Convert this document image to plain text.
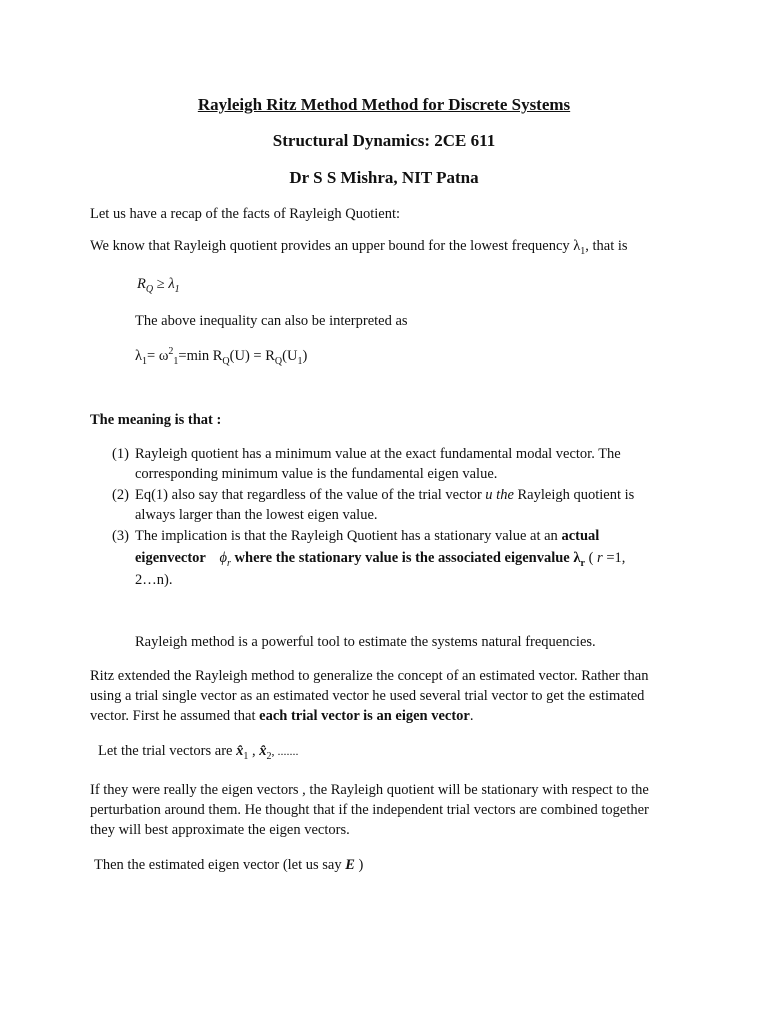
Rayleigh Ritz Method Method for Discrete Systems
Structural Dynamics: 2CE 611
Dr S S Mishra, NIT Patna
Let us have a recap of the facts of Rayleigh Quotient:
We know that Rayleigh quotient provides an upper bound for the lowest frequency $\lambda_1$, that is
$R_Q \ge \lambda_1$
The above inequality can also be interpreted as
$\lambda_1= \omega^2_1=\min$ $R_Q(U) = R_Q(U_1)$
The meaning is that :
(1) Rayleigh quotient has a minimum value at the exact fundamental modal vector. The
corresponding minimum value is the fundamental eigen value.
(2) Eq(1) also say that regardless of the value of the trial vector u the Rayleigh quotient is
always larger than the lowest eigen value.
(3) The implication is that the Rayleigh Quotient has a stationary value at an actual
eigenvector $\phi_r$ where the stationary value is the associated eigenvalue $\lambda_r$ ( r =1,
2…n).
Rayleigh method is a powerful tool to estimate the systems natural frequencies.
Ritz extended the Rayleigh method to generalize the concept of an estimated vector. Rather than
using a trial single vector as an estimated vector he used several trial vector to get the estimated
vector. First he assumed that each trial vector is an eigen vector.
Let the trial vectors are $x̂_1$ , $x̂_2$, .......
If they were really the eigen vectors , the Rayleigh quotient will be stationary with respect to the
perturbation around them. He thought that if the independent trial vectors are combined together
they will best approximate the eigen vectors.
Then the estimated eigen vector (let us say E )
